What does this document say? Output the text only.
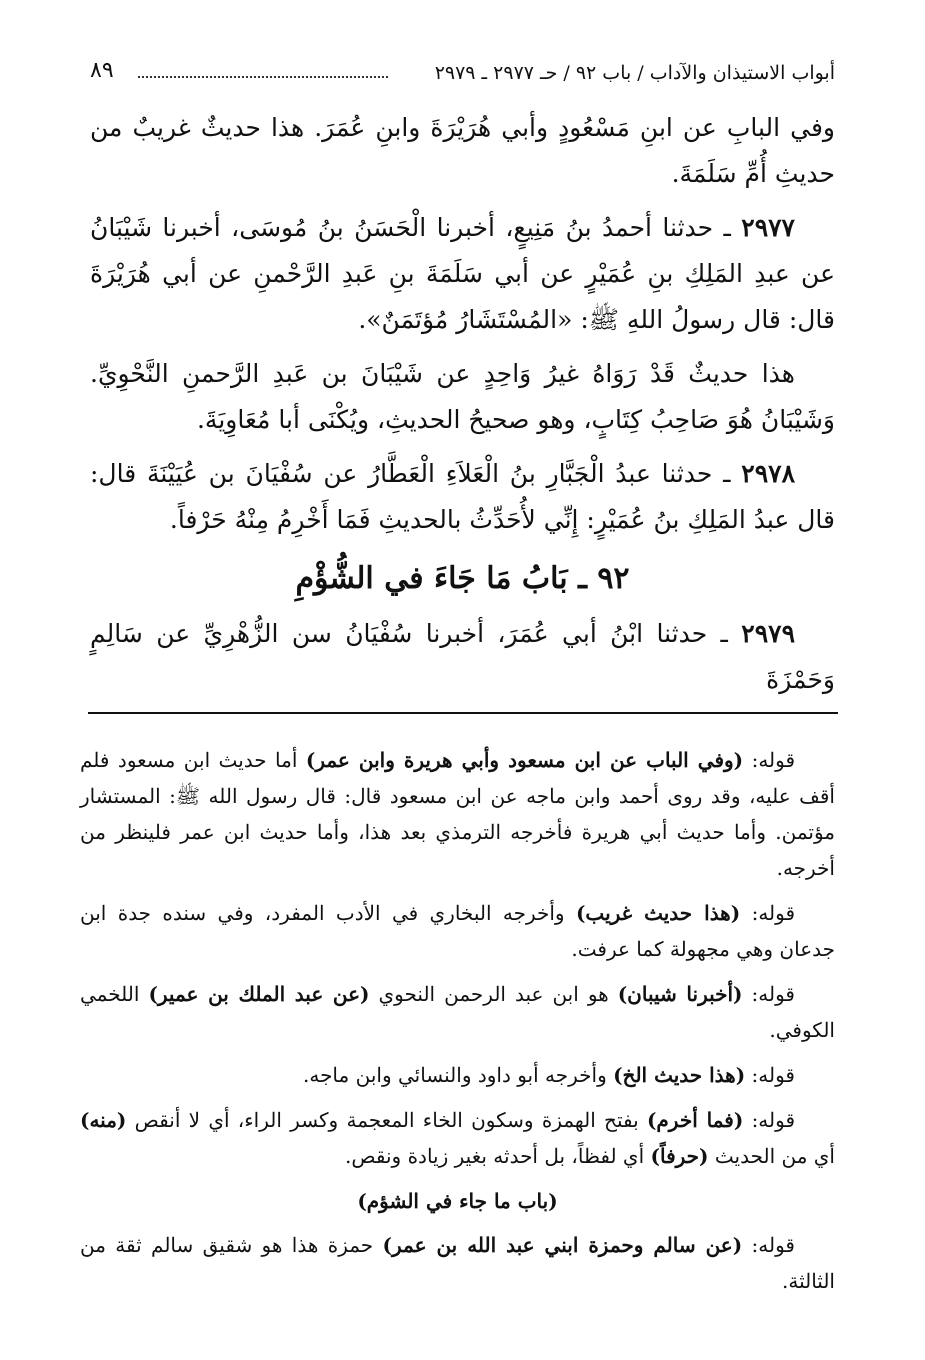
أبواب الاستيذان والآداب / باب ٩٢ / حـ ٢٩٧٧ ـ ٢٩٧٩
٨٩

وفي البابِ عن ابنِ مَسْعُودٍ وأبي هُرَيْرَةَ وابنِ عُمَرَ. هذا حديثٌ غريبٌ من حديثِ أُمِّ سَلَمَةَ.

٢٩٧٧ ـ حدثنا أحمدُ بنُ مَنِيعٍ، أخبرنا الْحَسَنُ بنُ مُوسَى، أخبرنا شَيْبَانُ عن عبدِ المَلِكِ بنِ عُمَيْرٍ عن أبي سَلَمَةَ بنِ عَبدِ الرَّحْمنِ عن أبي هُرَيْرَةَ قال: قال رسولُ اللهِ ﷺ: «المُسْتَشَارُ مُؤتَمَنٌ».

هذا حديثٌ قَدْ رَوَاهُ غيرُ وَاحِدٍ عن شَيْبَانَ بن عَبدِ الرَّحمنِ النَّحْوِيِّ. وَشَيْبَانُ هُوَ صَاحِبُ كِتَابٍ، وهو صحيحُ الحديثِ، ويُكْنَى أبا مُعَاوِيَةَ.

٢٩٧٨ ـ حدثنا عبدُ الْجَبَّارِ بنُ الْعَلاَءِ الْعَطَّارُ عن سُفْيَانَ بن عُيَيْنَةَ قال: قال عبدُ المَلِكِ بنُ عُمَيْرٍ: إِنِّي لأُحَدِّثُ بالحديثِ فَمَا أَخْرِمُ مِنْهُ حَرْفاً.

٩٢ ـ بَابُ مَا جَاءَ في الشُّؤْمِ

٢٩٧٩ ـ حدثنا ابْنُ أبي عُمَرَ، أخبرنا سُفْيَانُ سن الزُّهْرِيِّ عن سَالِمٍ وَحَمْزَةَ

قوله: (وفي الباب عن ابن مسعود وأبي هريرة وابن عمر) أما حديث ابن مسعود فلم أقف عليه، وقد روى أحمد وابن ماجه عن ابن مسعود قال: قال رسول الله ﷺ: المستشار مؤتمن. وأما حديث أبي هريرة فأخرجه الترمذي بعد هذا، وأما حديث ابن عمر فلينظر من أخرجه.

قوله: (هذا حديث غريب) وأخرجه البخاري في الأدب المفرد، وفي سنده جدة ابن جدعان وهي مجهولة كما عرفت.

قوله: (أخبرنا شيبان) هو ابن عبد الرحمن النحوي (عن عبد الملك بن عمير) اللخمي الكوفي.

قوله: (هذا حديث الخ) وأخرجه أبو داود والنسائي وابن ماجه.

قوله: (فما أخرم) بفتح الهمزة وسكون الخاء المعجمة وكسر الراء، أي لا أنقص (منه) أي من الحديث (حرفاً) أي لفظاً، بل أحدثه بغير زيادة ونقص.

(باب ما جاء في الشؤم)

قوله: (عن سالم وحمزة ابني عبد الله بن عمر) حمزة هذا هو شقيق سالم ثقة من الثالثة.
